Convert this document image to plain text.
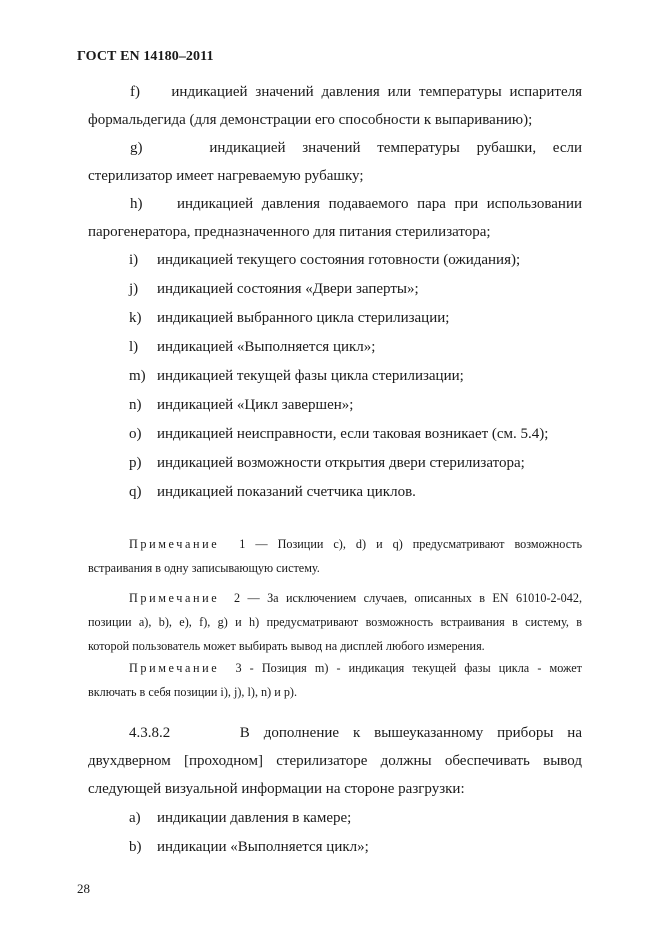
ГОСТ EN 14180–2011
f) индикацией значений давления или температуры испарителя
формальдегида (для демонстрации его способности к выпариванию);
g)	индикацией значений температуры рубашки, если
стерилизатор имеет нагреваемую рубашку;
h) индикацией давления подаваемого пара при использовании
парогенератора, предназначенного для питания стерилизатора;
i) индикацией текущего состояния готовности (ожидания);
j) индикацией состояния «Двери заперты»;
k) индикацией выбранного цикла стерилизации;
l) индикацией «Выполняется цикл»;
m) индикацией текущей фазы цикла стерилизации;
n) индикацией «Цикл завершен»;
o) индикацией неисправности, если таковая возникает (см. 5.4);
p) индикацией возможности открытия двери стерилизатора;
q) индикацией показаний счетчика циклов.
Примечание 1 — Позиции с), d) и q) предусматривают возможность
встраивания в одну записывающую систему.
Примечание 2 — За исключением случаев, описанных в EN 61010-2-042,
позиции а), b), e), f), g) и h) предусматривают возможность встраивания в систему, в
которой пользователь может выбирать вывод на дисплей любого измерения.
Примечание 3 - Позиция m) - индикация текущей фазы цикла - может
включать в себя позиции i), j), l), n) и p).
4.3.8.2	В дополнение к вышеуказанному приборы на
двухдверном [проходном] стерилизаторе должны обеспечивать вывод
следующей визуальной информации на стороне разгрузки:
а) индикации давления в камере;
b) индикации «Выполняется цикл»;
28
